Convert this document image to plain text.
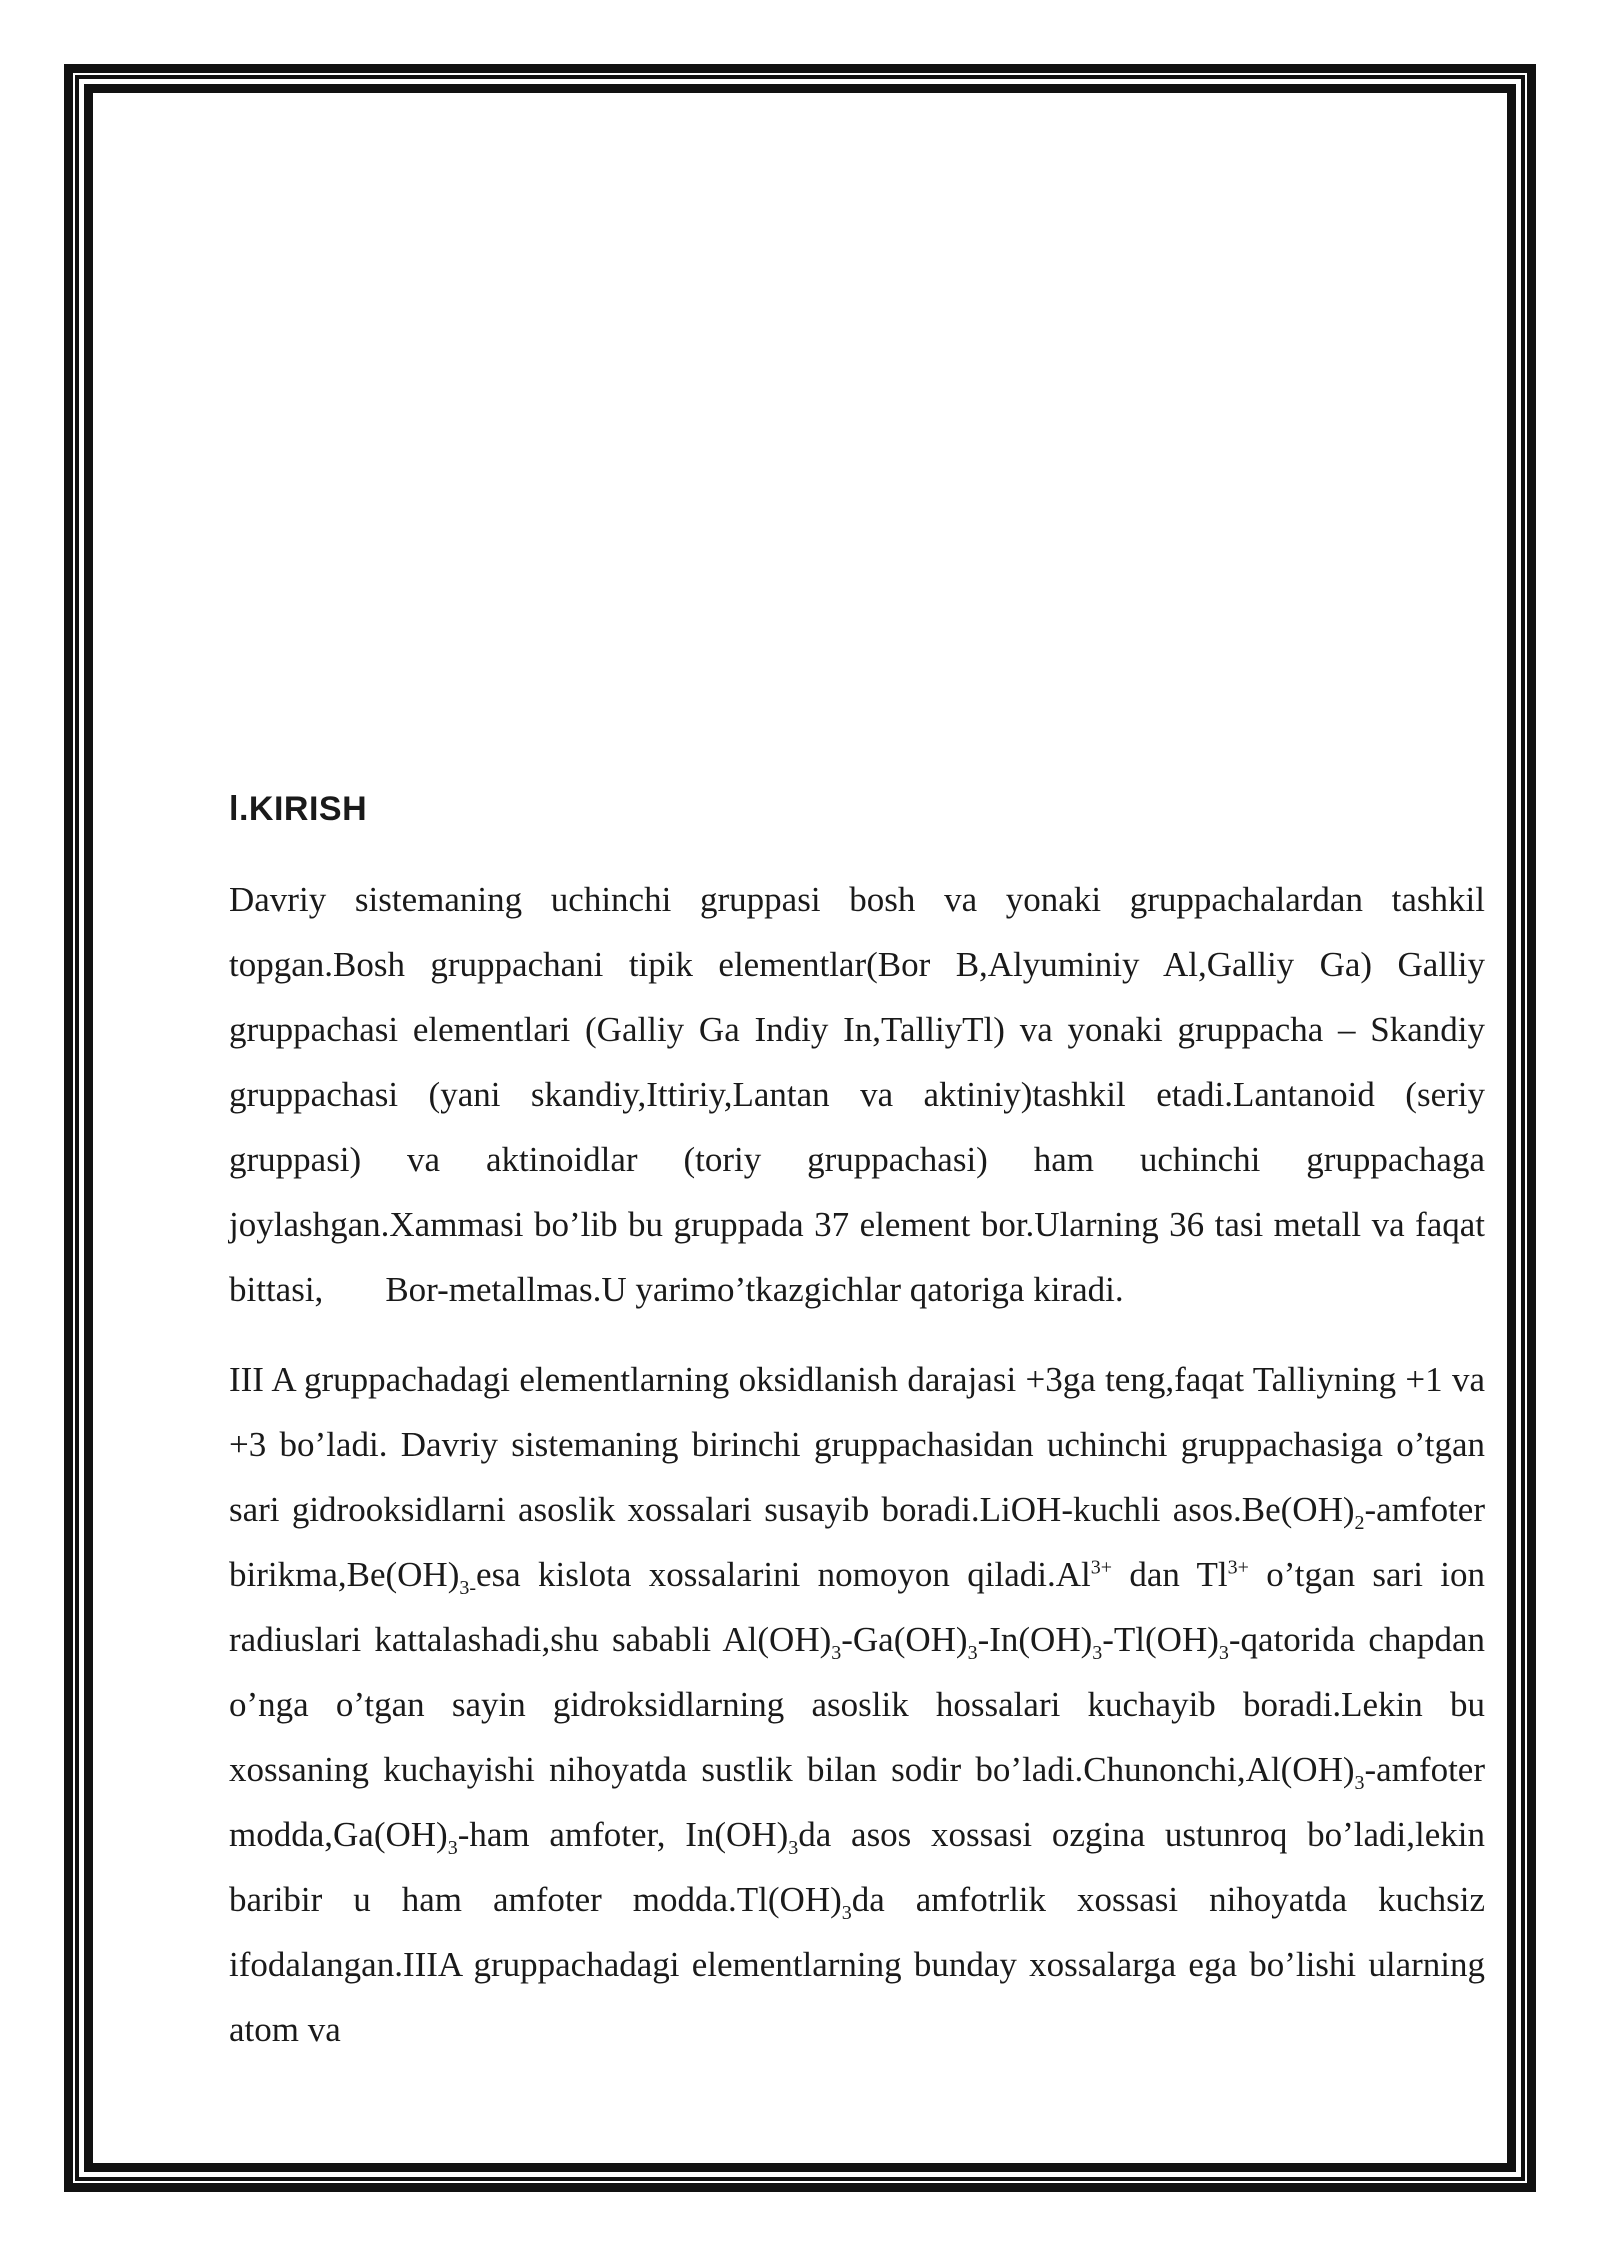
l.KIRISH

Davriy sistemaning uchinchi gruppasi bosh va yonaki gruppachalardan tashkil topgan.Bosh gruppachani tipik elementlar(Bor B,Alyuminiy Al,Galliy Ga) Galliy gruppachasi elementlari (Galliy Ga Indiy In,TalliyTl) va yonaki gruppacha – Skandiy gruppachasi (yani skandiy,Ittiriy,Lantan va aktiniy)tashkil etadi.Lantanoid (seriy gruppasi) va aktinoidlar (toriy gruppachasi) ham uchinchi gruppachaga joylashgan.Xammasi bo’lib bu gruppada 37 element bor.Ularning 36 tasi metall va faqat bittasi, Bor-metallmas.U yarimo’tkazgichlar qatoriga kiradi.

III A gruppachadagi elementlarning oksidlanish darajasi +3ga teng,faqat Talliyning +1 va +3 bo’ladi. Davriy sistemaning birinchi gruppachasidan uchinchi gruppachasiga o’tgan sari gidrooksidlarni asoslik xossalari susayib boradi.LiOH-kuchli $asos.Be(OH)_2$-amfoter $birikma,Be(OH)_{3-}esa$ kislota xossalarini nomoyon $qiladi.Al^{3+}$ dan $Tl^{3+}$ o’tgan sari ion radiuslari kattalashadi,shu sababli $Al(OH)_3-Ga(OH)_3-In(OH)_3-Tl(OH)_3$-qatorida chapdan o’nga o’tgan sayin gidroksidlarning asoslik hossalari kuchayib boradi.Lekin bu xossaning kuchayishi nihoyatda sustlik bilan sodir $bo’ladi.Chunonchi,Al(OH)_3$-amfoter $modda,Ga(OH)_3$-ham amfoter, $In(OH)_3da$ asos xossasi ozgina ustunroq bo’ladi,lekin baribir u ham amfoter $modda.Tl(OH)_3da$ amfotrlik xossasi nihoyatda kuchsiz ifodalangan.IIIA gruppachadagi elementlarning bunday xossalarga ega bo’lishi ularning atom va
